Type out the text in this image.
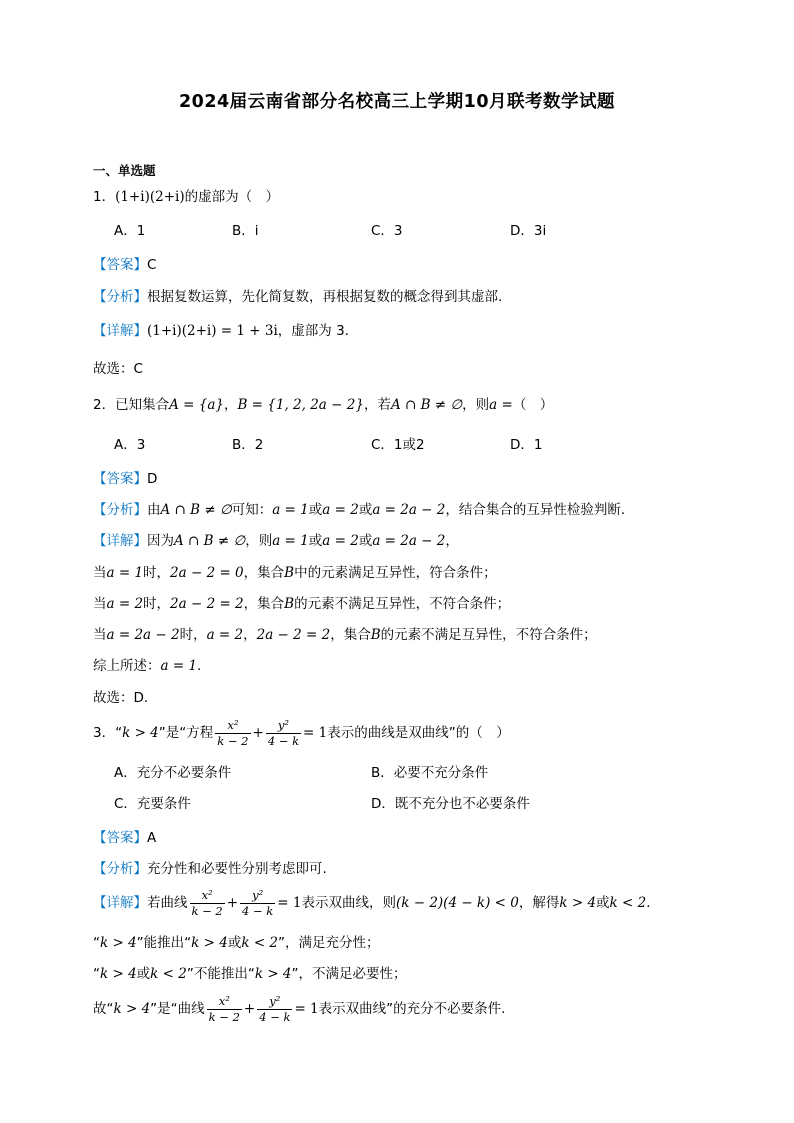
2024届云南省部分名校高三上学期10月联考数学试题
一、单选题
1．(1+i)(2+i)的虚部为（　）
A．1	B．i	C．3	D．3i
【答案】C
【分析】根据复数运算，先化简复数，再根据复数的概念得到其虚部.
【详解】(1+i)(2+i) = 1 + 3i，虚部为 3．
故选：C
2．已知集合A = {a}，B = {1, 2, 2a − 2}，若A ∩ B ≠ ∅，则a =（　）
A．3	B．2	C．1或2	D．1
【答案】D
【分析】由A ∩ B ≠ ∅可知：a = 1或a = 2或a = 2a − 2，结合集合的互异性检验判断.
【详解】因为A ∩ B ≠ ∅，则a = 1或a = 2或a = 2a − 2，
当a = 1时，2a − 2 = 0，集合B中的元素满足互异性，符合条件；
当a = 2时，2a − 2 = 2，集合B的元素不满足互异性，不符合条件；
当a = 2a − 2时，a = 2，2a − 2 = 2，集合B的元素不满足互异性，不符合条件；
综上所述：a = 1.
故选：D.
3．“k > 4”是“方程 $\frac{\text{x²}}{k - 2} + \frac{\text{y²}}{4 - k} = 1$表示的曲线是双曲线”的（　）
A．充分不必要条件	B．必要不充分条件
C．充要条件	D．既不充分也不必要条件
【答案】A
【分析】充分性和必要性分别考虑即可.
【详解】若曲线 $\frac{\text{x²}}{k - 2} + \frac{\text{y²}}{4 - k} = 1$表示双曲线，则(k − 2)(4 − k) < 0，解得k > 4或k < 2．
“k > 4”能推出“k > 4或k < 2”，满足充分性；
“k > 4或k < 2”不能推出“k > 4”，不满足必要性；
故“k > 4”是“曲线 $\frac{\text{x²}}{k - 2} + \frac{\text{y²}}{4 - k} = 1$表示双曲线”的充分不必要条件．
